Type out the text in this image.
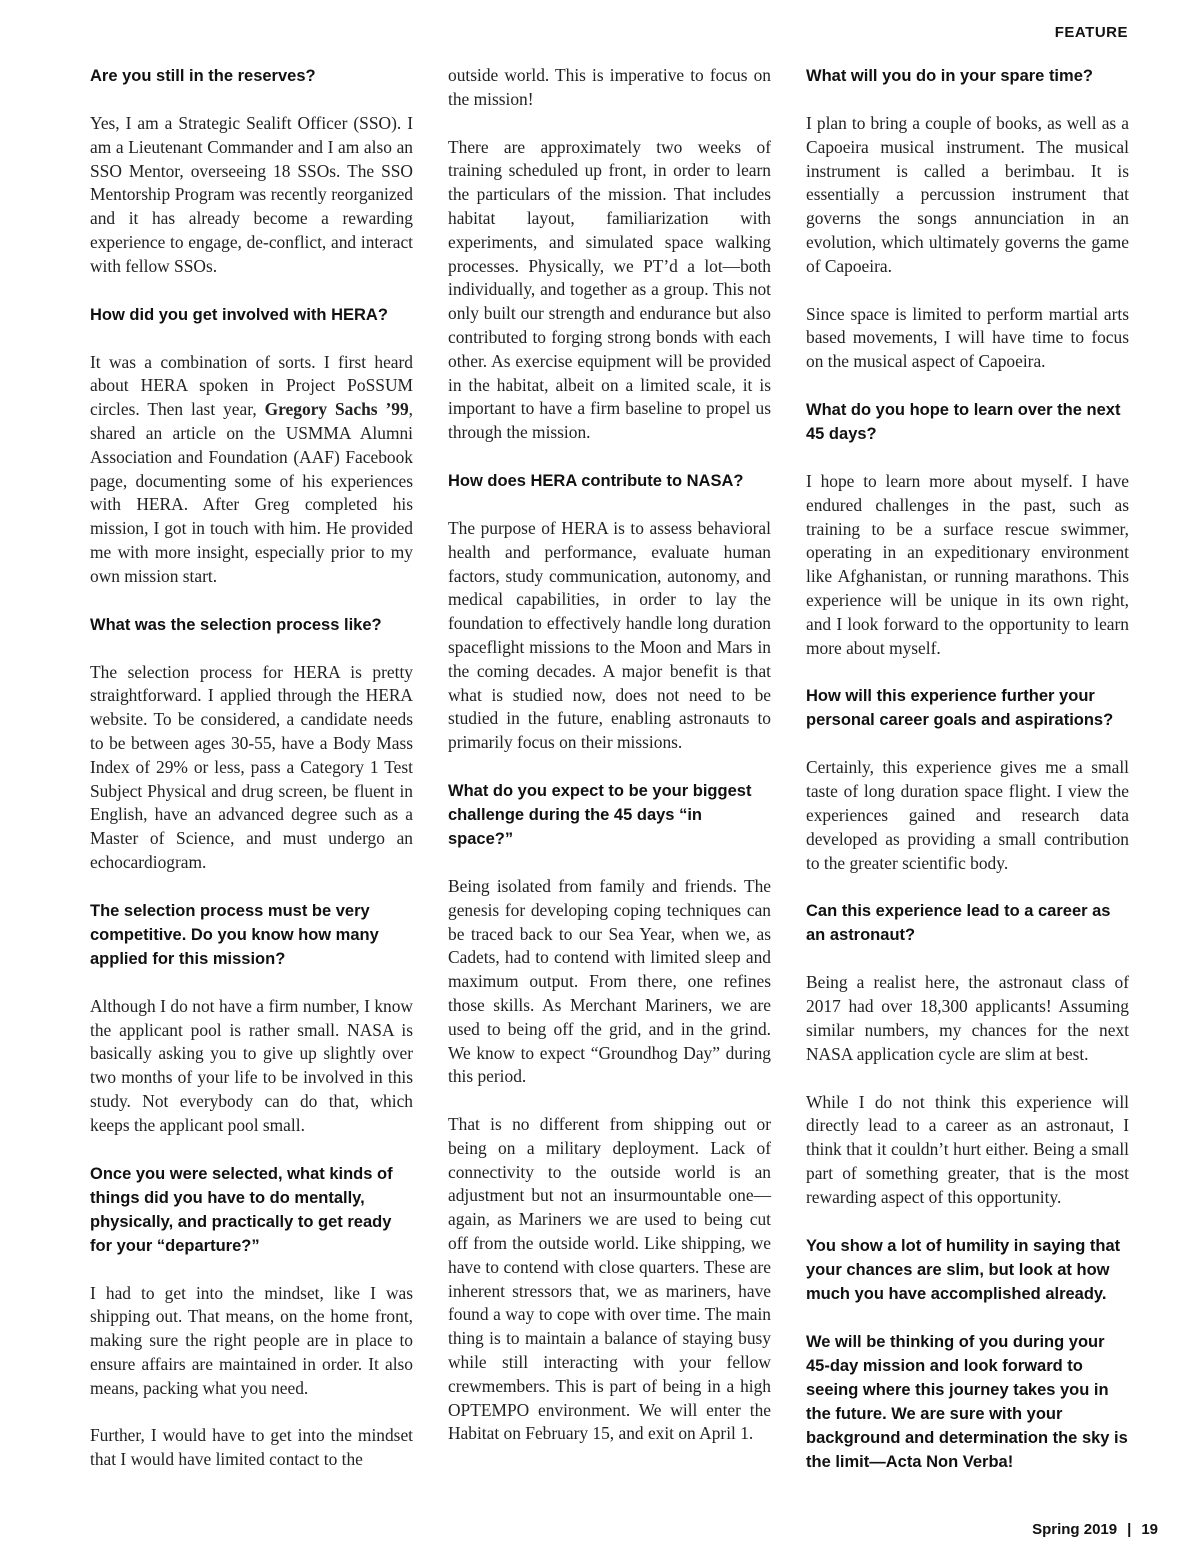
FEATURE

Are you still in the reserves?

Yes, I am a Strategic Sealift Officer (SSO). I am a Lieutenant Commander and I am also an SSO Mentor, overseeing 18 SSOs. The SSO Mentorship Program was recently reorganized and it has already become a rewarding experience to engage, de-conflict, and interact with fellow SSOs.

How did you get involved with HERA?

It was a combination of sorts. I first heard about HERA spoken in Project PoSSUM circles. Then last year, Gregory Sachs ’99, shared an article on the USMMA Alumni Association and Foundation (AAF) Facebook page, documenting some of his experiences with HERA. After Greg completed his mission, I got in touch with him. He provided me with more insight, especially prior to my own mission start.

What was the selection process like?

The selection process for HERA is pretty straightforward. I applied through the HERA website. To be considered, a candidate needs to be between ages 30-55, have a Body Mass Index of 29% or less, pass a Category 1 Test Subject Physical and drug screen, be fluent in English, have an advanced degree such as a Master of Science, and must undergo an echocardiogram.

The selection process must be very competitive. Do you know how many applied for this mission?

Although I do not have a firm number, I know the applicant pool is rather small. NASA is basically asking you to give up slightly over two months of your life to be involved in this study. Not everybody can do that, which keeps the applicant pool small.

Once you were selected, what kinds of things did you have to do mentally, physically, and practically to get ready for your “departure?”

I had to get into the mindset, like I was shipping out. That means, on the home front, making sure the right people are in place to ensure affairs are maintained in order. It also means, packing what you need.

Further, I would have to get into the mindset that I would have limited contact to the

outside world. This is imperative to focus on the mission!

There are approximately two weeks of training scheduled up front, in order to learn the particulars of the mission. That includes habitat layout, familiarization with experiments, and simulated space walking processes. Physically, we PT’d a lot—both individually, and together as a group. This not only built our strength and endurance but also contributed to forging strong bonds with each other. As exercise equipment will be provided in the habitat, albeit on a limited scale, it is important to have a firm baseline to propel us through the mission.

How does HERA contribute to NASA?

The purpose of HERA is to assess behavioral health and performance, evaluate human factors, study communication, autonomy, and medical capabilities, in order to lay the foundation to effectively handle long duration spaceflight missions to the Moon and Mars in the coming decades. A major benefit is that what is studied now, does not need to be studied in the future, enabling astronauts to primarily focus on their missions.

What do you expect to be your biggest challenge during the 45 days “in space?”

Being isolated from family and friends. The genesis for developing coping techniques can be traced back to our Sea Year, when we, as Cadets, had to contend with limited sleep and maximum output. From there, one refines those skills. As Merchant Mariners, we are used to being off the grid, and in the grind. We know to expect “Groundhog Day” during this period.

That is no different from shipping out or being on a military deployment. Lack of connectivity to the outside world is an adjustment but not an insurmountable one—again, as Mariners we are used to being cut off from the outside world. Like shipping, we have to contend with close quarters. These are inherent stressors that, we as mariners, have found a way to cope with over time. The main thing is to maintain a balance of staying busy while still interacting with your fellow crewmembers. This is part of being in a high OPTEMPO environment. We will enter the Habitat on February 15, and exit on April 1.

What will you do in your spare time?

I plan to bring a couple of books, as well as a Capoeira musical instrument. The musical instrument is called a berimbau. It is essentially a percussion instrument that governs the songs annunciation in an evolution, which ultimately governs the game of Capoeira.

Since space is limited to perform martial arts based movements, I will have time to focus on the musical aspect of Capoeira.

What do you hope to learn over the next 45 days?

I hope to learn more about myself. I have endured challenges in the past, such as training to be a surface rescue swimmer, operating in an expeditionary environment like Afghanistan, or running marathons. This experience will be unique in its own right, and I look forward to the opportunity to learn more about myself.

How will this experience further your personal career goals and aspirations?

Certainly, this experience gives me a small taste of long duration space flight. I view the experiences gained and research data developed as providing a small contribution to the greater scientific body.

Can this experience lead to a career as an astronaut?

Being a realist here, the astronaut class of 2017 had over 18,300 applicants! Assuming similar numbers, my chances for the next NASA application cycle are slim at best.

While I do not think this experience will directly lead to a career as an astronaut, I think that it couldn’t hurt either. Being a small part of something greater, that is the most rewarding aspect of this opportunity.

You show a lot of humility in saying that your chances are slim, but look at how much you have accomplished already.

We will be thinking of you during your 45-day mission and look forward to seeing where this journey takes you in the future. We are sure with your background and determination the sky is the limit—Acta Non Verba!

Spring 2019 | 19
